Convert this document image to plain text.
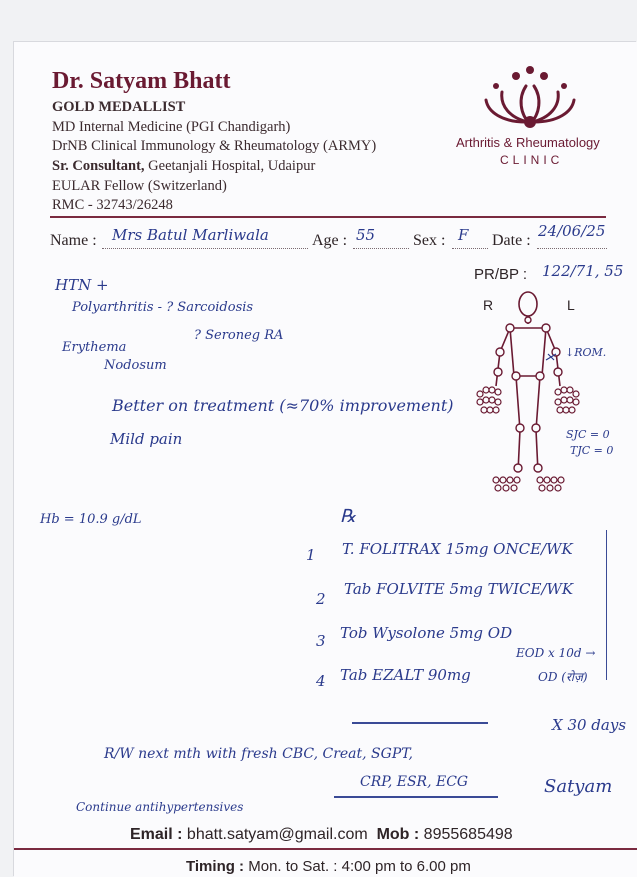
Dr. Satyam Bhatt
GOLD MEDALLIST
MD Internal Medicine (PGI Chandigarh)
DrNB Clinical Immunology & Rheumatology (ARMY)
Sr. Consultant, Geetanjali Hospital, Udaipur
EULAR Fellow (Switzerland)
RMC - 32743/26248
Arthritis & Rheumatology
CLINIC
Name : Mrs Batul Marliwala	Age : 55 Sex : F Date :
24/06/25
PR/BP : 122/71, 55
HTN +
Polyarthritis - ? Sarcoidosis
? Seroneg RA
Erythema
Nodosum
Better on treatment (≈70% improvement)
Mild pain
Hb = 10.9 g/dL
R	L
↓ROM.
SJC = 0
TJC = 0
℞
1 T. FOLITRAX 15mg ONCE/WK
2
Tab FOLVITE 5mg TWICE/WK
3 Tob Wysolone 5mg OD
4 Tab EZALT 90mg
EOD x 10d →
OD (रोज़)
X 30 days
R/W next mth with fresh CBC, Creat, SGPT,
CRP, ESR, ECG
Continue antihypertensives
Satyam
Email : bhatt.satyam@gmail.com Mob : 8955685498
Timing : Mon. to Sat. : 4:00 pm to 6.00 pm
